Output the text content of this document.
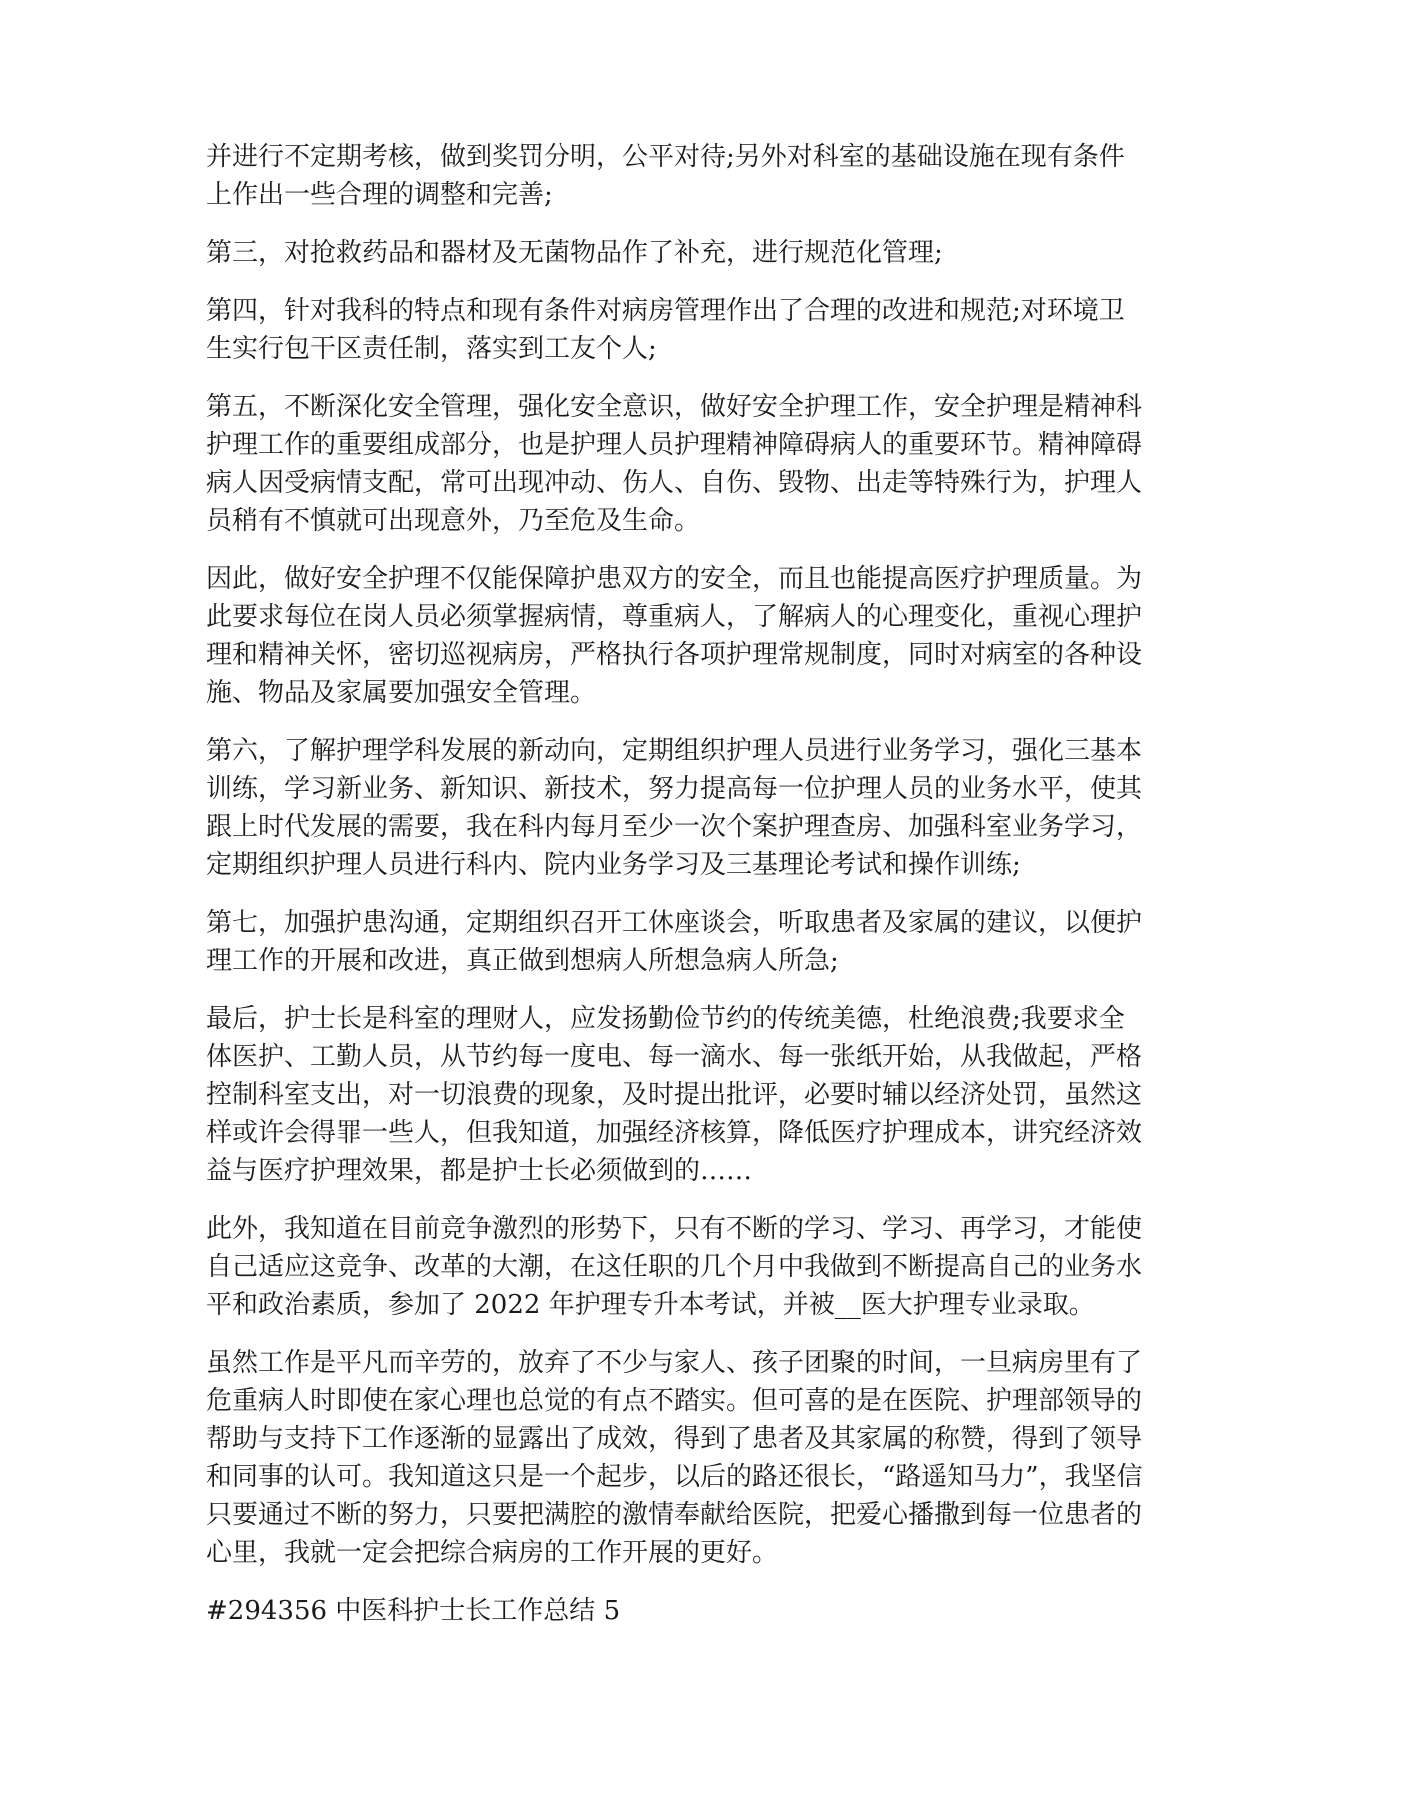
并进行不定期考核，做到奖罚分明，公平对待;另外对科室的基础设施在现有条件
上作出一些合理的调整和完善;

第三，对抢救药品和器材及无菌物品作了补充，进行规范化管理;

第四，针对我科的特点和现有条件对病房管理作出了合理的改进和规范;对环境卫
生实行包干区责任制，落实到工友个人;

第五，不断深化安全管理，强化安全意识，做好安全护理工作，安全护理是精神科
护理工作的重要组成部分，也是护理人员护理精神障碍病人的重要环节。精神障碍
病人因受病情支配，常可出现冲动、伤人、自伤、毁物、出走等特殊行为，护理人
员稍有不慎就可出现意外，乃至危及生命。

因此，做好安全护理不仅能保障护患双方的安全，而且也能提高医疗护理质量。为
此要求每位在岗人员必须掌握病情，尊重病人，了解病人的心理变化，重视心理护
理和精神关怀，密切巡视病房，严格执行各项护理常规制度，同时对病室的各种设
施、物品及家属要加强安全管理。

第六，了解护理学科发展的新动向，定期组织护理人员进行业务学习，强化三基本
训练，学习新业务、新知识、新技术，努力提高每一位护理人员的业务水平，使其
跟上时代发展的需要，我在科内每月至少一次个案护理查房、加强科室业务学习，
定期组织护理人员进行科内、院内业务学习及三基理论考试和操作训练;

第七，加强护患沟通，定期组织召开工休座谈会，听取患者及家属的建议，以便护
理工作的开展和改进，真正做到想病人所想急病人所急;

最后，护士长是科室的理财人，应发扬勤俭节约的传统美德，杜绝浪费;我要求全
体医护、工勤人员，从节约每一度电、每一滴水、每一张纸开始，从我做起，严格
控制科室支出，对一切浪费的现象，及时提出批评，必要时辅以经济处罚，虽然这
样或许会得罪一些人，但我知道，加强经济核算，降低医疗护理成本，讲究经济效
益与医疗护理效果，都是护士长必须做到的……

此外，我知道在目前竞争激烈的形势下，只有不断的学习、学习、再学习，才能使
自己适应这竞争、改革的大潮，在这任职的几个月中我做到不断提高自己的业务水
平和政治素质，参加了 2022 年护理专升本考试，并被__医大护理专业录取。

虽然工作是平凡而辛劳的，放弃了不少与家人、孩子团聚的时间，一旦病房里有了
危重病人时即使在家心理也总觉的有点不踏实。但可喜的是在医院、护理部领导的
帮助与支持下工作逐渐的显露出了成效，得到了患者及其家属的称赞，得到了领导
和同事的认可。我知道这只是一个起步，以后的路还很长，“路遥知马力”，我坚信
只要通过不断的努力，只要把满腔的激情奉献给医院，把爱心播撒到每一位患者的
心里，我就一定会把综合病房的工作开展的更好。

#294356 中医科护士长工作总结 5
